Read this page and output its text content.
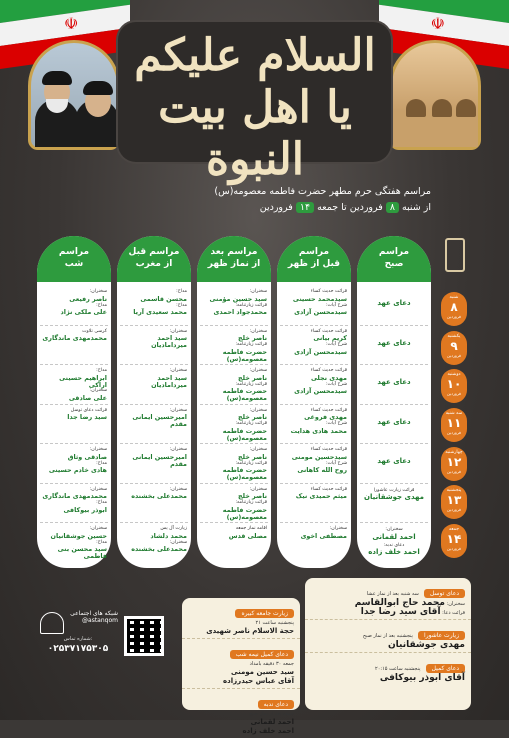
☫	☫
السلام علیکم یا اهل بیت النبوة
مراسم هفتگی حرم مطهر حضرت فاطمه معصومه(س)
از شنبه ۸ فروردین تا جمعه ۱۴ فروردین
شنبه
۸
فروردین
یکشنبه
۹
فروردین
دوشنبه
۱۰
فروردین
سه شنبه
۱۱
فروردین
چهارشنبه
۱۲
فروردین
پنجشنبه
۱۳
فروردین
جمعه
۱۴
فروردین
مراسم
صبح
دعای عهد
دعای عهد
دعای عهد
دعای عهد
دعای عهد
قرائت زیارت عاشورا
مهدی جوشقانیان
سخنران:
احمد لقمانی
دعای ندبه:
احمد خلف زاده
مراسم
قبل از ظهر
قرائت حدیث کساء
سیدمحمد حسینی
شرح آیات:
سیدمحسن آزادی
قرائت حدیث کساء
کریم بیانی
شرح آیات:
سیدمحسن آزادی
قرائت حدیث کساء
مهدی نجلی
شرح آیات:
سیدمحسن آزادی
قرائت حدیث کساء
مهدی فروغی
شرح آیات:
محمد هادی هدایت
قرائت حدیث کساء
سیدحسین مومنی
شرح آیات:
روح الله کاهانی
قرائت حدیث کساء
میثم حمیدی نیک
سخنران:
مصطفی اخوی
مراسم بعد
از نماز ظهر
سخنران:
سید حسین مؤمنی
قرائت زیارتنامه:
محمدجواد احمدی
سخنران:
ناصر خلج
قرائت زیارتنامه:
حضرت فاطمه معصومه(س)
سخنران:
ناصر خلج
قرائت زیارتنامه:
حضرت فاطمه معصومه(س)
سخنران:
ناصر خلج
قرائت زیارتنامه:
حضرت فاطمه معصومه(س)
سخنران:
ناصر خلج
قرائت زیارتنامه:
حضرت فاطمه معصومه(س)
سخنران:
ناصر خلج
قرائت زیارتنامه:
حضرت فاطمه معصومه(س)
اقامه نماز جمعه
مصلی قدس
مراسم قبل
از مغرب
مداح:
محسن قاسمی
مداح:
محمد سعیدی آریا
سخنران:
سید احمد میرداماديان
سخنران:
سید احمد میرداماديان
سخنران:
امیرحسین ایمانی مقدم
سخنران:
امیرحسین ایمانی مقدم
سخنران:
محمدعلی بخشنده
زیارت آل یس
محمد دلشاد
سخنران:
محمدعلی بخشنده
مراسم
شب
سخنران:
ناصر رفیعی
مداح:
علی ملکی نژاد
کرسی تلاوت
محمدمهدی ماندگاری
مداح:
ابراهیم حسینی اراکی
سخنران:
علی صادقی
قرائت دعای توسل
سید رضا جدا
سخنران:
صادقی وثاق
مداح:
هادی خادم حسینی
سخنران:
محمدمهدی ماندگاری
مداح:
ابوذر بیوکافی
سخنران:
حسین جوشقانیان
مداح:
سید محسن بنی فاطمی
دعای توسل سه شنبه بعد از نماز عشا
سخنران: محمد حاج ابوالقاسم
قرائت دعا: آقای سید رضا جدا
زیارت عاشورا پنجشنبه بعد از نماز صبح
مهدی جوشقانیان
دعای کمیل پنجشنبه ساعت ۲۰:۱۵
آقای ابوذر بیوکافی
زیارت جامعه کبیره
پنجشنبه ساعت ۲۱
حجة الاسلام ناصر شهیدی
دعای کمیل نیمه شب
جمعه ۳۰ دقیقه بامداد
سید حسین مومنی
آقای عباس حیدرزاده
دعای ندبه
جمعه بعد از نماز صبح
احمد لقمانی
احمد خلف زاده
شبکه های اجتماعی
@astanqom
شماره تماس:
۰۲۵۳۷۱۷۵۳۰۵
